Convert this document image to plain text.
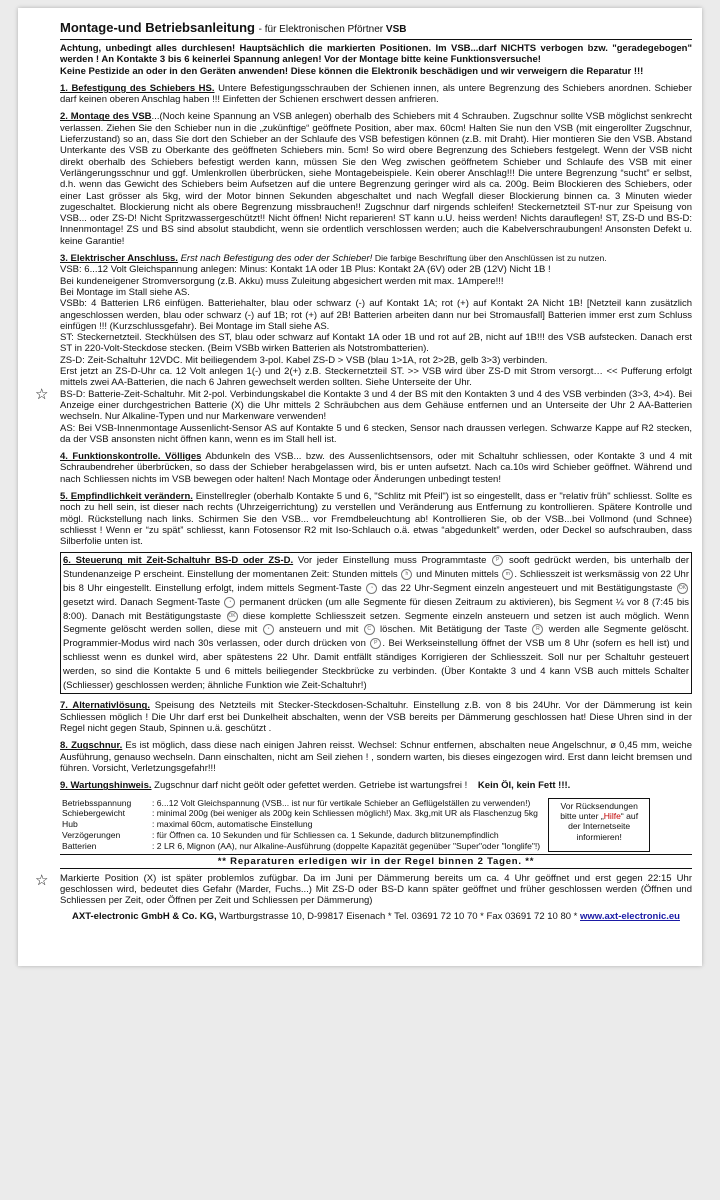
Montage-und Betriebsanleitung - für Elektronischen Pförtner VSB

Achtung, unbedingt alles durchlesen! Hauptsächlich die markierten Positionen. Im VSB...darf NICHTS verbogen bzw. "geradegebogen" werden ! An Kontakte 3 bis 6 keinerlei Spannung anlegen! Vor der Montage bitte keine Funktionsversuche!

Keine Pestizide an oder in den Geräten anwenden! Diese können die Elektronik beschädigen und wir verweigern die Reparatur !!!

1. Befestigung des Schiebers HS. Untere Befestigungsschrauben der Schienen innen, als untere Begrenzung des Schiebers anordnen. Schieber darf keinen oberen Anschlag haben !!! Einfetten der Schienen erschwert dessen anfrieren.

2. Montage des VSB...(Noch keine Spannung an VSB anlegen) oberhalb des Schiebers mit 4 Schrauben. Zugschnur sollte VSB möglichst senkrecht verlassen. Ziehen Sie den Schieber nun in die „zukünftige“ geöffnete Position, aber max. 60cm! Halten Sie nun den VSB (mit eingerollter Zugschnur, Lieferzustand) so an, dass Sie dort den Schieber an der Schlaufe des VSB befestigen können (z.B. mit Draht). Hier montieren Sie den VSB. Abstand Unterkante des VSB zu Oberkante des geöffneten Schiebers min. 5cm! So wird obere Begrenzung des Schiebers festgelegt. Wenn der VSB nicht direkt oberhalb des Schiebers befestigt werden kann, müssen Sie den Weg zwischen geöffnetem Schieber und Schlaufe des VSB mit einer Verlängerungsschnur und ggf. Umlenkrollen überbrücken, siehe Montagebeispiele. Kein oberer Anschlag!!! Die untere Begrenzung “sucht” er selbst, d.h. wenn das Gewicht des Schiebers beim Aufsetzen auf die untere Begrenzung geringer wird als ca. 200g. Beim Blockieren des Schiebers, oder einer Last grösser als 5kg, wird der Motor binnen Sekunden abgeschaltet und nach Wegfall dieser Blockierung binnen ca. 3 Minuten wieder zugeschaltet. Blockierung nicht als obere Begrenzung missbrauchen!! Zugschnur darf nirgends schleifen! Steckernetzteil ST-nur zur Speisung von VSB... oder ZS-D! Nicht Spritzwassergeschützt!! Nicht öffnen! Nicht reparieren! ST kann u.U. heiss werden! Nichts darauflegen! ST, ZS-D und BS-D: Innenmontage! ZS und BS sind absolut staubdicht, wenn sie ordentlich verschlossen werden; auch die Kabelverschraubungen! Ansonsten Defekt u. keine Garantie!

3. Elektrischer Anschluss. Erst nach Befestigung des oder der Schieber! Die farbige Beschriftung über den Anschlüssen ist zu nutzen.

VSB: 6...12 Volt Gleichspannung anlegen: Minus: Kontakt 1A oder 1B Plus: Kontakt 2A (6V) oder 2B (12V) Nicht 1B !

Bei kundeneigener Stromversorgung (z.B. Akku) muss Zuleitung abgesichert werden mit max. 1Ampere!!!

Bei Montage im Stall siehe AS.

VSBb: 4 Batterien LR6 einfügen. Batteriehalter, blau oder schwarz (-) auf Kontakt 1A; rot (+) auf Kontakt 2A Nicht 1B! [Netzteil kann zusätzlich angeschlossen werden, blau oder schwarz (-) auf 1B; rot (+) auf 2B! Batterien arbeiten dann nur bei Stromausfall] Batterien immer erst zum Schluss einfügen !!! (Kurzschlussgefahr). Bei Montage im Stall siehe AS.

ST: Steckernetzteil. Steckhülsen des ST, blau oder schwarz auf Kontakt 1A oder 1B und rot auf 2B, nicht auf 1B!!! des VSB aufstecken. Danach erst ST in 220-Volt-Steckdose stecken. (Beim VSBb wirken Batterien als Notstrombatterien).

ZS-D: Zeit-Schaltuhr 12VDC. Mit beiliegendem 3-pol. Kabel ZS-D > VSB (blau 1>1A, rot 2>2B, gelb 3>3) verbinden.

Erst jetzt an ZS-D-Uhr ca. 12 Volt anlegen 1(-) und 2(+) z.B. Steckernetzteil ST. >> VSB wird über ZS-D mit Strom versorgt… << Pufferung erfolgt mittels zwei AA-Batterien, die nach 6 Jahren gewechselt werden sollten. Siehe Unterseite der Uhr.

☆ BS-D: Batterie-Zeit-Schaltuhr. Mit 2-pol. Verbindungskabel die Kontakte 3 und 4 der BS mit den Kontakten 3 und 4 des VSB verbinden (3>3, 4>4). Bei Anzeige einer durchgestrichen Batterie (X) die Uhr mittels 2 Schräubchen aus dem Gehäuse entfernen und an Unterseite der Uhr 2 AA-Batterien wechseln. Nur Alkaline-Typen und nur Markenware verwenden!

AS: Bei VSB-Innenmontage Aussenlicht-Sensor AS auf Kontakte 5 und 6 stecken, Sensor nach draussen verlegen. Schwarze Kappe auf R2 stecken, da der VSB ansonsten nicht öffnen kann, wenn es im Stall hell ist.

4. Funktionskontrolle. Völliges Abdunkeln des VSB... bzw. des Aussenlichtsensors, oder mit Schaltuhr schliessen, oder Kontakte 3 und 4 mit Schraubendreher überbrücken, so dass der Schieber herabgelassen wird, bis er unten aufsetzt. Nach ca.10s wird Schieber geöffnet. Während und nach Schliessen nichts im VSB bewegen oder halten! Nach Montage oder Änderungen unbedingt testen!

5. Empfindlichkeit verändern. Einstellregler (oberhalb Kontakte 5 und 6, "Schlitz mit Pfeil") ist so eingestellt, dass er "relativ früh" schliesst. Sollte es noch zu hell sein, ist dieser nach rechts (Uhrzeigerrichtung) zu verstellen und Veränderung aus Entfernung zu kontrollieren. Spätere Kontrolle und mögl. Rückstellung nach links. Schirmen Sie den VSB... vor Fremdbeleuchtung ab! Kontrollieren Sie, ob der VSB...bei Vollmond (und Schnee) schliesst ! Wenn er “zu spät” schliesst, kann Fotosensor R2 mit Iso-Schlauch o.ä. etwas “abgedunkelt” werden, oder Deckel so aufschrauben, dass Silberfolie unten ist.

6. Steuerung mit Zeit-Schaltuhr BS-D oder ZS-D. Vor jeder Einstellung muss Programmtaste P sooft gedrückt werden, bis unterhalb der Stundenanzeige P erscheint. Einstellung der momentanen Zeit: Stunden mittels h und Minuten mittels m . Schliesszeit ist werksmässig von 22 Uhr bis 8 Uhr eingestellt. Einstellung erfolgt, indem mittels Segment-Taste ◔ das 22 Uhr-Segment einzeln angesteuert und mit Bestätigungstaste OK gesetzt wird. Danach Segment-Taste ◔ permanent drücken (um alle Segmente für diesen Zeitraum zu aktivieren), bis Segment ¼ vor 8 (7:45 bis 8:00). Danach mit Bestätigungstaste OK diese komplette Schliesszeit setzen. Segmente einzeln ansteuern und setzen ist auch möglich. Wenn Segmente gelöscht werden sollen, diese mit ◔ ansteuern und mit C löschen. Mit Betätigung der Taste R werden alle Segmente gelöscht. Programmier-Modus wird nach 30s verlassen, oder durch drücken von P . Bei Werkseinstellung öffnet der VSB um 8 Uhr (sofern es hell ist) und schliesst wenn es dunkel wird, aber spätestens 22 Uhr. Damit entfällt ständiges Korrigieren der Schliesszeit. Soll nur per Schaltuhr gesteuert werden, so sind die Kontakte 5 und 6 mittels beiliegender Steckbrücke zu verbinden. (Über Kontakte 3 und 4 kann VSB auch mittels Schalter (Schliesser) geschlossen werden; ähnliche Funktion wie Zeit-Schaltuhr!)

7. Alternativlösung. Speisung des Netzteils mit Stecker-Steckdosen-Schaltuhr. Einstellung z.B. von 8 bis 24Uhr. Vor der Dämmerung ist kein Schliessen möglich ! Die Uhr darf erst bei Dunkelheit abschalten, wenn der VSB bereits per Dämmerung geschlossen hat! Diese Uhren sind in der Regel nicht gegen Staub, Spinnen u.ä. geschützt .

8. Zugschnur. Es ist möglich, dass diese nach einigen Jahren reisst. Wechsel: Schnur entfernen, abschalten neue Angelschnur, ø 0,45 mm, weiche Ausführung, genauso wechseln. Dann einschalten, nicht am Seil ziehen ! , sondern warten, bis dieses eingezogen wird. Erst dann leicht bremsen und führen. Vorsicht, Verletzungsgefahr!!!

9. Wartungshinweis. Zugschnur darf nicht geölt oder gefettet werden. Getriebe ist wartungsfrei ! Kein Öl, kein Fett !!!.

Betriebsspannung	: 6...12 Volt Gleichspannung (VSB... ist nur für vertikale Schieber an Geflügelställen zu verwenden!)
Schiebergewicht	: minimal 200g (bei weniger als 200g kein Schliessen möglich!) Max. 3kg,mit UR als Flaschenzug 5kg
Hub	: maximal 60cm, automatische Einstellung
Verzögerungen	: für Öffnen ca. 10 Sekunden und für Schliessen ca. 1 Sekunde, dadurch blitzunempfindlich
Batterien	: 2 LR 6, Mignon (AA), nur Alkaline-Ausführung (doppelte Kapazität gegenüber "Super"oder "longlife"!)
Vor Rücksendungen
bitte unter „Hilfe“ auf
der Internetseite
informieren!
** Reparaturen erledigen wir in der Regel binnen 2 Tagen. **
☆ Markierte Position (X) ist später problemlos zufügbar. Da im Juni per Dämmerung bereits um ca. 4 Uhr geöffnet und erst gegen 22:15 Uhr geschlossen wird, bedeutet dies Gefahr (Marder, Fuchs...) Mit ZS-D oder BS-D kann später geöffnet und früher geschlossen werden (Öffnen und Schliessen per Zeit, oder Öffnen per Zeit und Schliessen per Dämmerung)
AXT-electronic GmbH & Co. KG, Wartburgstrasse 10, D-99817 Eisenach * Tel. 03691 72 10 70 * Fax 03691 72 10 80 * www.axt-electronic.eu
